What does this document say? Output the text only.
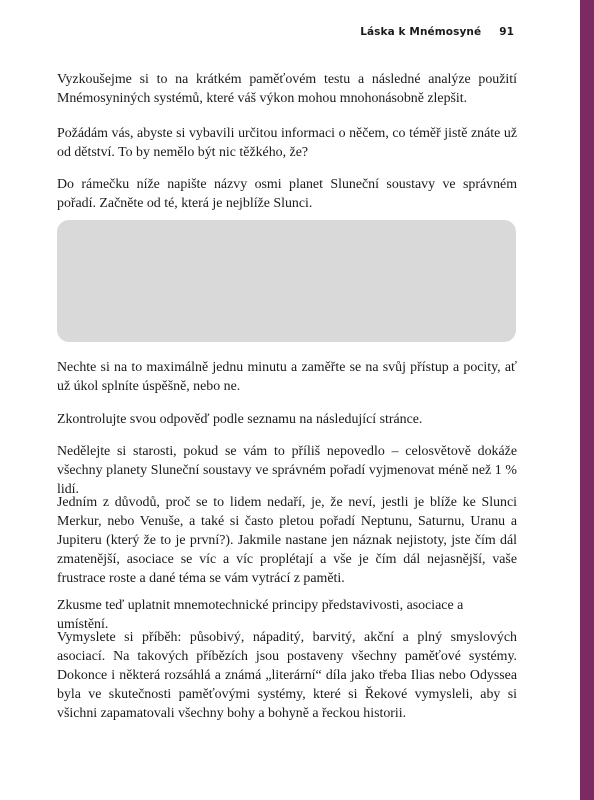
Láska k Mnémosyné 91

Vyzkoušejme si to na krátkém paměťovém testu a následné analýze použití Mnémosyniných systémů, které váš výkon mohou mnohonásobně zlepšit.

Požádám vás, abyste si vybavili určitou informaci o něčem, co téměř jistě znáte už od dětství. To by nemělo být nic těžkého, že?

Do rámečku níže napište názvy osmi planet Sluneční soustavy ve správném pořadí. Začněte od té, která je nejblíže Slunci.

Nechte si na to maximálně jednu minutu a zaměřte se na svůj přístup a pocity, ať už úkol splníte úspěšně, nebo ne.

Zkontrolujte svou odpověď podle seznamu na následující stránce.

Nedělejte si starosti, pokud se vám to příliš nepovedlo – celosvětově dokáže všechny planety Sluneční soustavy ve správném pořadí vyjmenovat méně než 1 % lidí.

Jedním z důvodů, proč se to lidem nedaří, je, že neví, jestli je blíže ke Slunci Merkur, nebo Venuše, a také si často pletou pořadí Neptunu, Saturnu, Uranu a Jupiteru (který že to je první?). Jakmile nastane jen náznak nejistoty, jste čím dál zmatenější, asociace se víc a víc proplétají a vše je čím dál nejasnější, vaše frustrace roste a dané téma se vám vytrácí z paměti.

Zkusme teď uplatnit mnemotechnické principy představivosti, asociace a umístění.

Vymyslete si příběh: působivý, nápaditý, barvitý, akční a plný smyslových asociací. Na takových příbězích jsou postaveny všechny paměťové systémy. Dokonce i některá rozsáhlá a známá „literární“ díla jako třeba Ilias nebo Odyssea byla ve skutečnosti paměťovými systémy, které si Řekové vymysleli, aby si všichni zapamatovali všechny bohy a bohyně a řeckou historii.
